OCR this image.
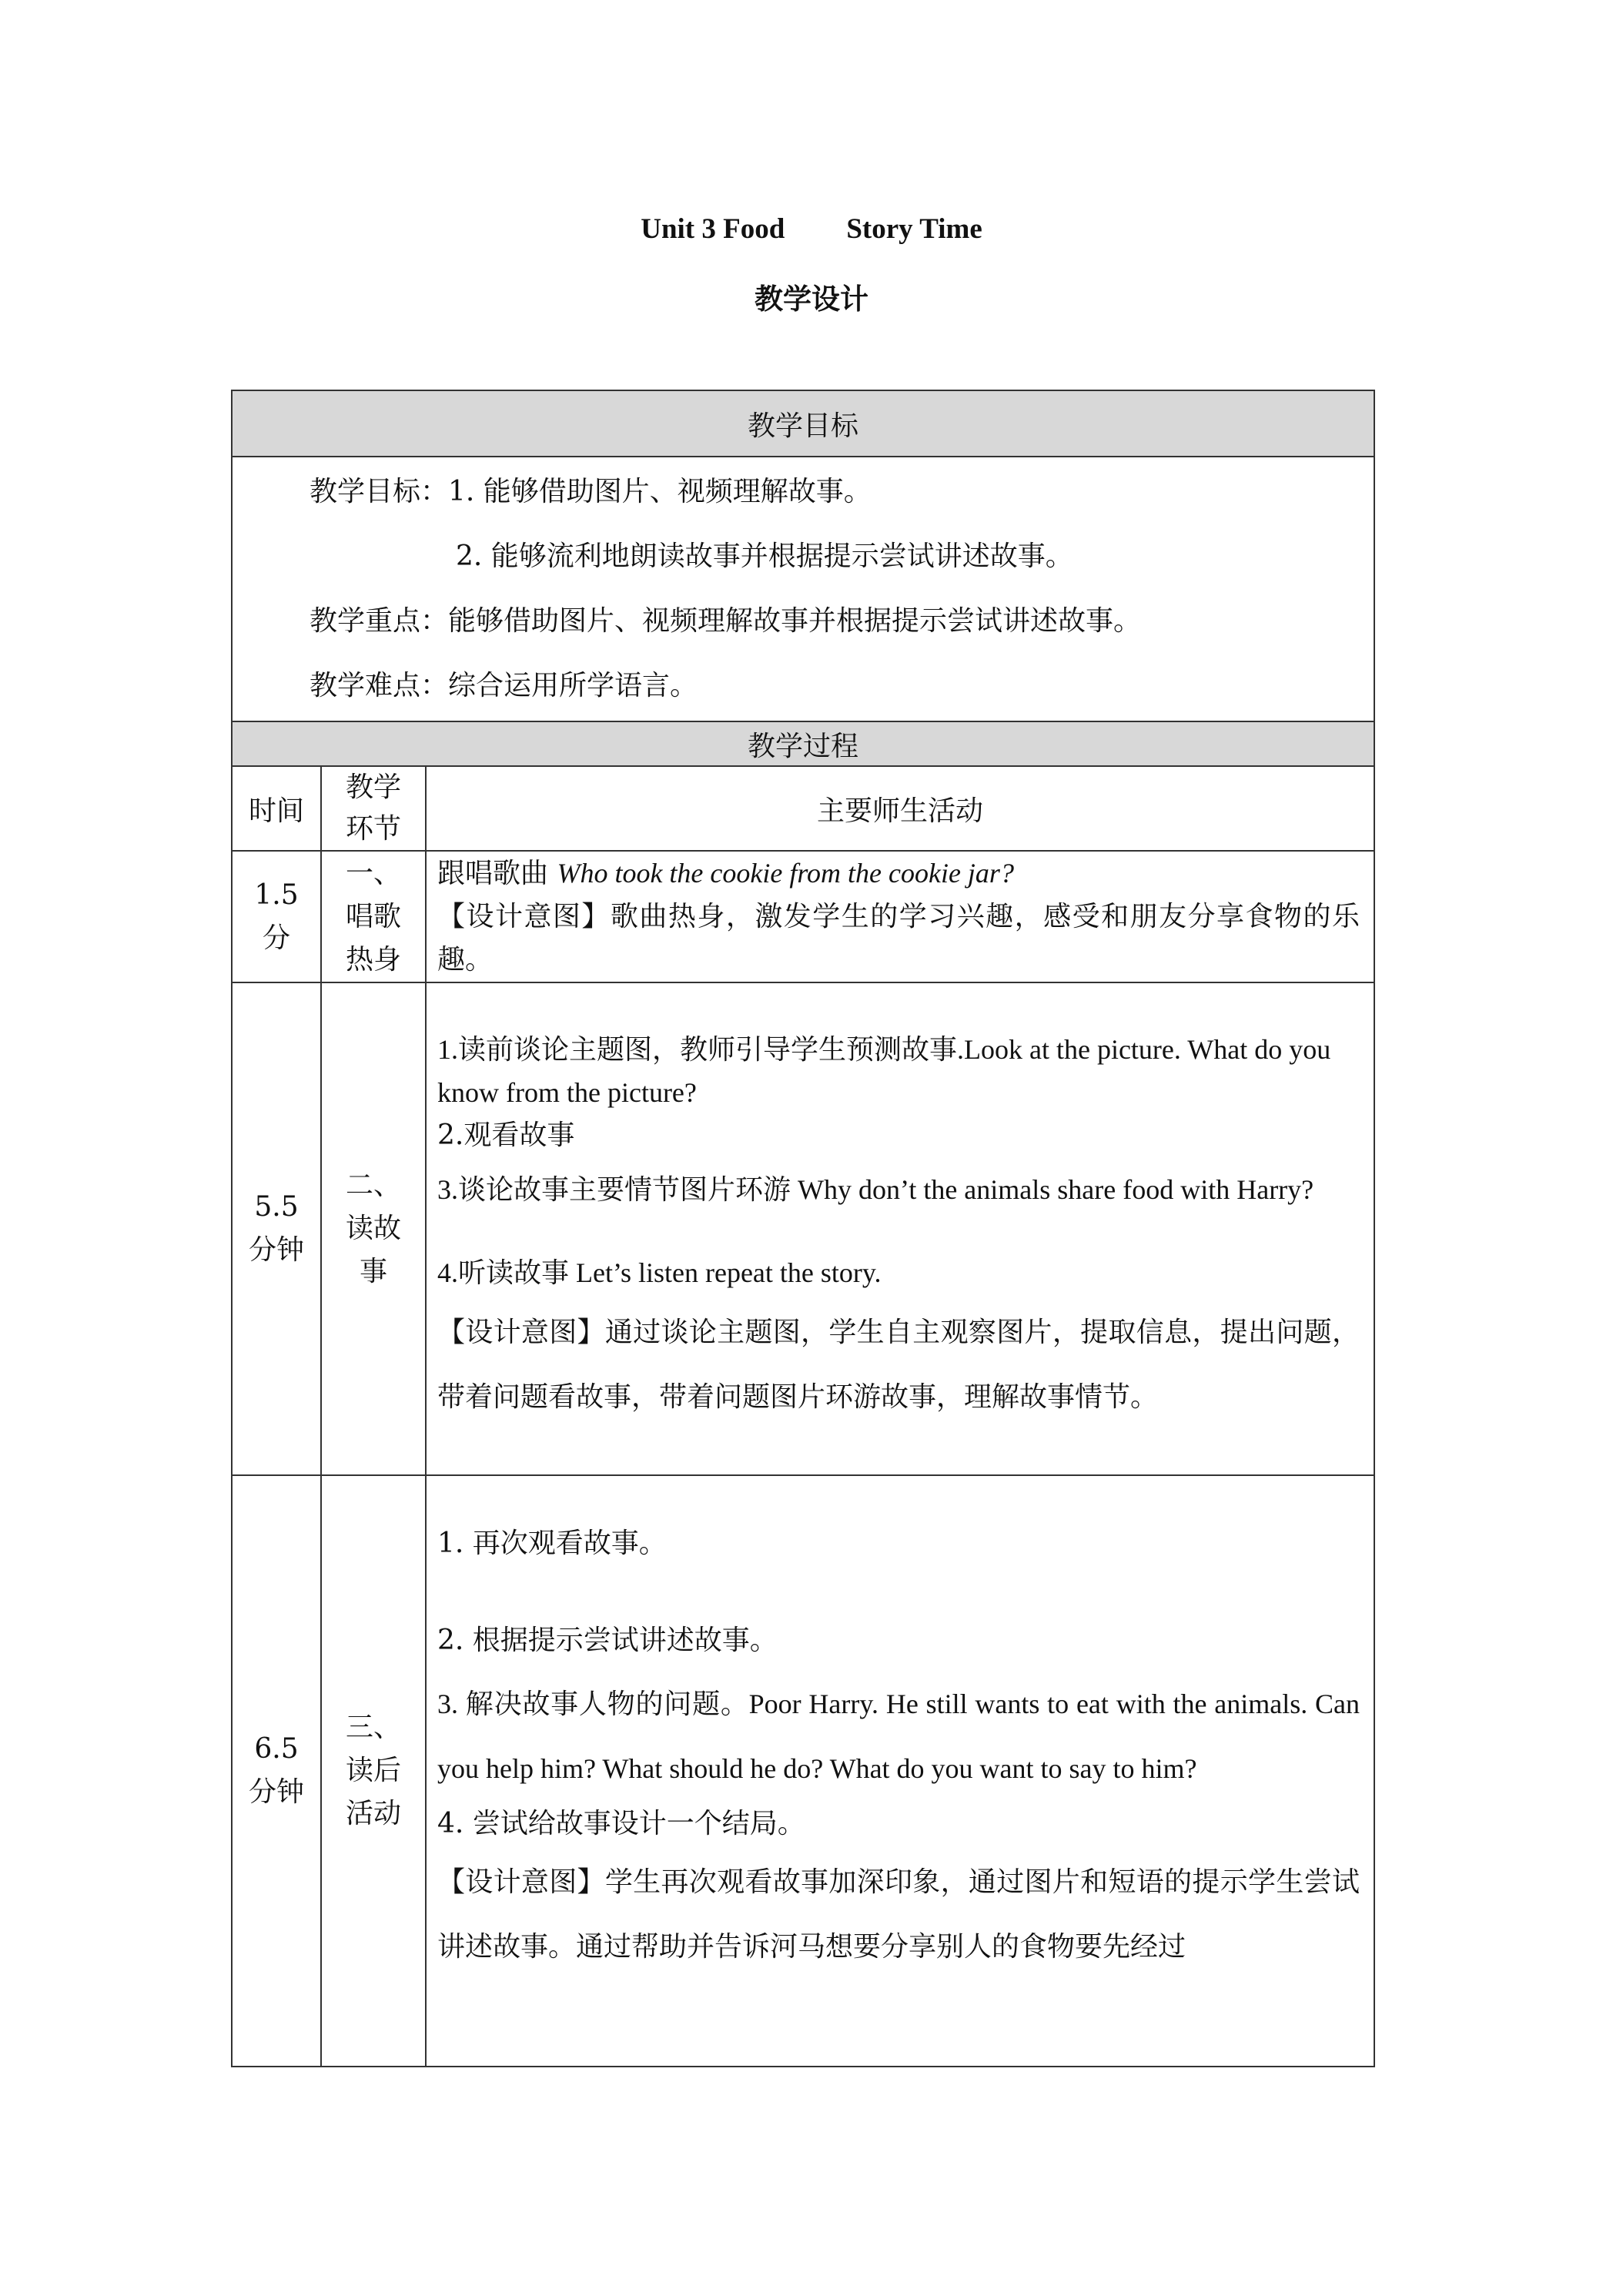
Unit 3 Food Story Time
教学设计
教学目标		

教学目标：1. 能够借助图片、视频理解故事。

2. 能够流利地朗读故事并根据提示尝试讲述故事。

教学重点：能够借助图片、视频理解故事并根据提示尝试讲述故事。

教学难点：综合运用所学语言。		

教学过程		
时间	教学环节	主要师生活动
1.5分	一、唱歌热身	跟唱歌曲 Who took the cookie from the cookie jar?

【设计意图】歌曲热身，激发学生的学习兴趣，感受和朋友分享食物的乐趣。

5.5分钟	二、读故事	1.读前谈论主题图，教师引导学生预测故事.Look at the picture. What do you know from the picture?

2.观看故事

3.谈论故事主要情节图片环游 Why don’t the animals share food with Harry?

4.听读故事 Let’s listen repeat the story.

【设计意图】通过谈论主题图，学生自主观察图片，提取信息，提出问题，带着问题看故事，带着问题图片环游故事，理解故事情节。

6.5分钟	三、读后活动	1. 再次观看故事。

2. 根据提示尝试讲述故事。

3. 解决故事人物的问题。Poor Harry. He still wants to eat with the animals. Can you help him? What should he do? What do you want to say to him?

4. 尝试给故事设计一个结局。

【设计意图】学生再次观看故事加深印象，通过图片和短语的提示学生尝试讲述故事。通过帮助并告诉河马想要分享别人的食物要先经过
